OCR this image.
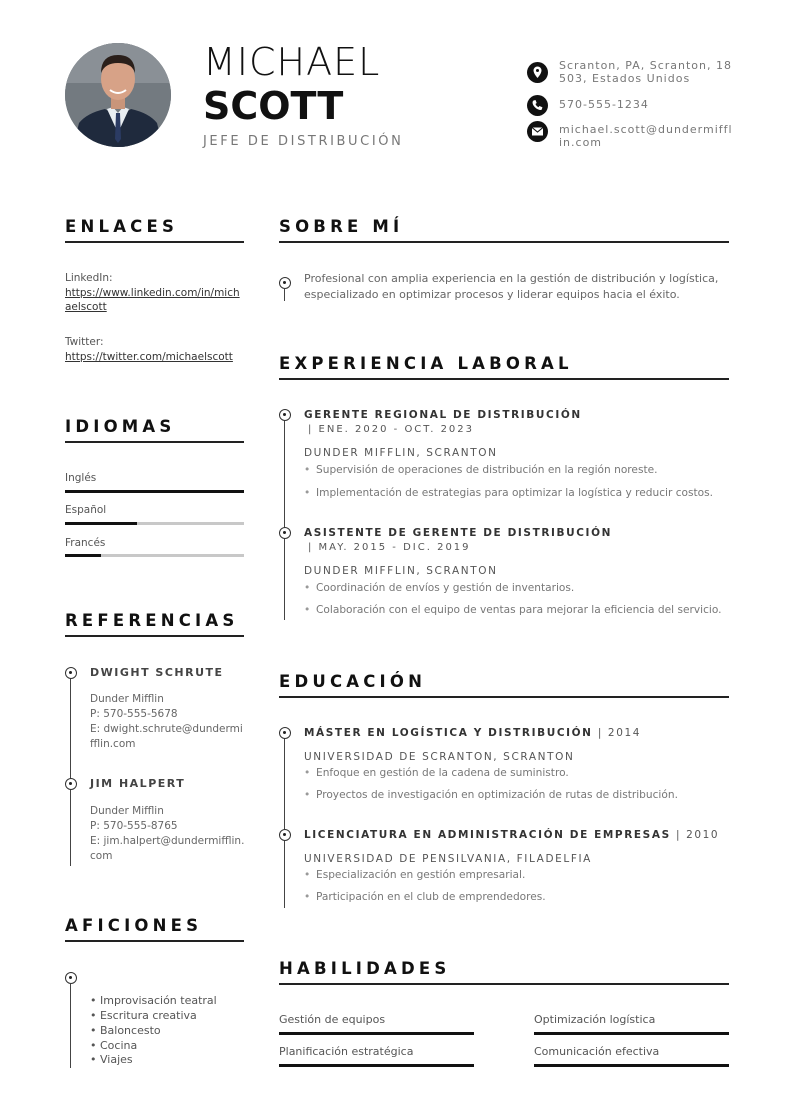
MICHAEL
SCOTT
JEFE DE DISTRIBUCIÓN
Scranton, PA, Scranton, 18503, Estados Unidos
570-555-1234
michael.scott@dundermifflin.com
ENLACES
LinkedIn:
https://www.linkedin.com/in/michaelscott
Twitter:
https://twitter.com/michaelscott
IDIOMAS
Inglés
Español
Francés
REFERENCIAS
DWIGHT SCHRUTE
Dunder Mifflin
P: 570-555-5678
E: dwight.schrute@dundermifflin.com
JIM HALPERT
Dunder Mifflin
P: 570-555-8765
E: jim.halpert@dundermifflin.com
AFICIONES
• Improvisación teatral
• Escritura creativa
• Baloncesto
• Cocina
• Viajes
SOBRE MÍ
Profesional con amplia experiencia en la gestión de distribución y logística, especializado en optimizar procesos y liderar equipos hacia el éxito.
EXPERIENCIA LABORAL
GERENTE REGIONAL DE DISTRIBUCIÓN
| ENE. 2020 - OCT. 2023
DUNDER MIFFLIN, SCRANTON
• Supervisión de operaciones de distribución en la región noreste.
• Implementación de estrategias para optimizar la logística y reducir costos.
ASISTENTE DE GERENTE DE DISTRIBUCIÓN
| MAY. 2015 - DIC. 2019
DUNDER MIFFLIN, SCRANTON
• Coordinación de envíos y gestión de inventarios.
• Colaboración con el equipo de ventas para mejorar la eficiencia del servicio.
EDUCACIÓN
MÁSTER EN LOGÍSTICA Y DISTRIBUCIÓN | 2014
UNIVERSIDAD DE SCRANTON, SCRANTON
• Enfoque en gestión de la cadena de suministro.
• Proyectos de investigación en optimización de rutas de distribución.
LICENCIATURA EN ADMINISTRACIÓN DE EMPRESAS | 2010
UNIVERSIDAD DE PENSILVANIA, FILADELFIA
• Especialización en gestión empresarial.
• Participación en el club de emprendedores.
HABILIDADES
Gestión de equipos	Optimización logística
Planificación estratégica	Comunicación efectiva
